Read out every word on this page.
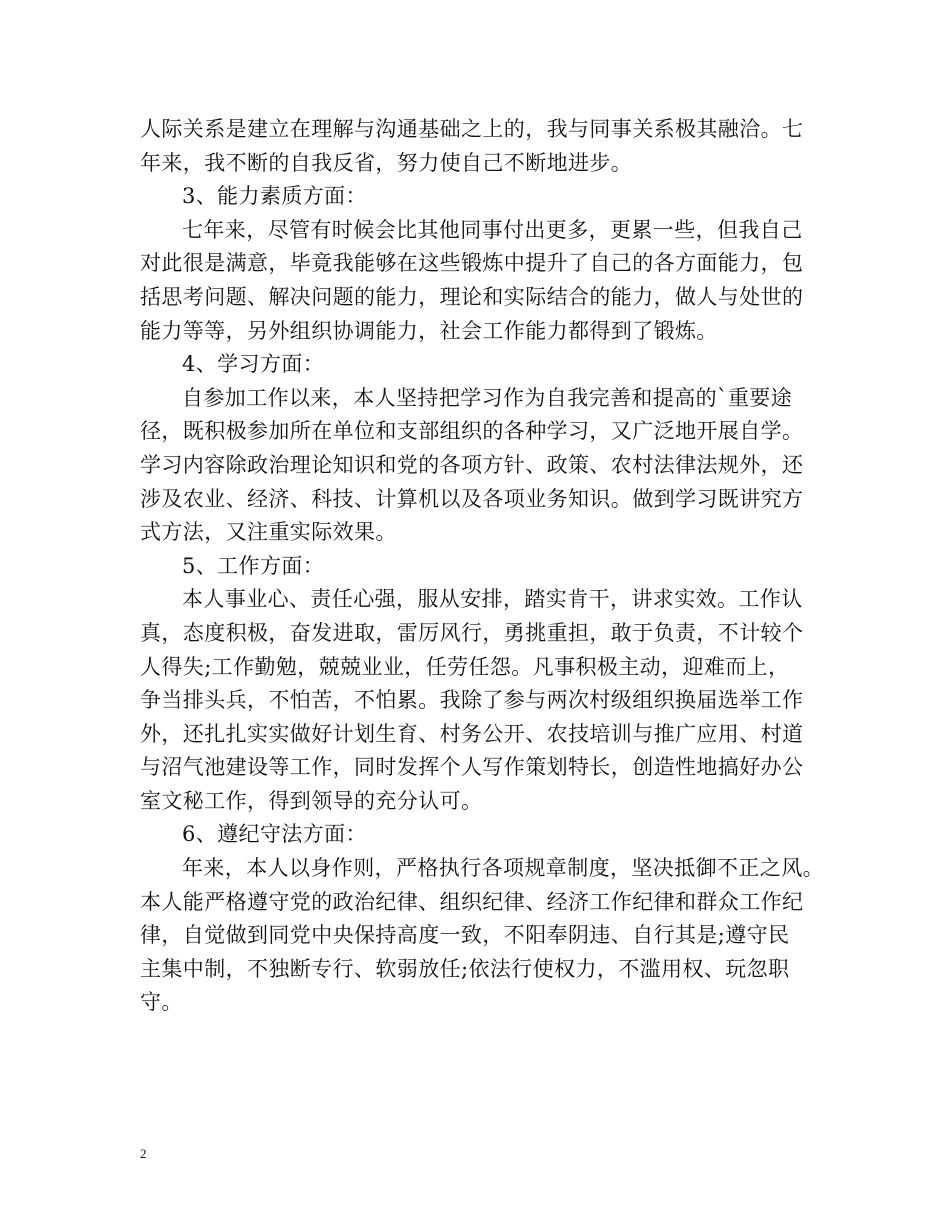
人际关系是建立在理解与沟通基础之上的，我与同事关系极其融洽。七
年来，我不断的自我反省，努力使自己不断地进步。
3、能力素质方面：
七年来，尽管有时候会比其他同事付出更多，更累一些，但我自己
对此很是满意，毕竟我能够在这些锻炼中提升了自己的各方面能力，包
括思考问题、解决问题的能力，理论和实际结合的能力，做人与处世的
能力等等，另外组织协调能力，社会工作能力都得到了锻炼。
4、学习方面：
自参加工作以来，本人坚持把学习作为自我完善和提高的`重要途
径，既积极参加所在单位和支部组织的各种学习，又广泛地开展自学。
学习内容除政治理论知识和党的各项方针、政策、农村法律法规外，还
涉及农业、经济、科技、计算机以及各项业务知识。做到学习既讲究方
式方法，又注重实际效果。
5、工作方面：
本人事业心、责任心强，服从安排，踏实肯干，讲求实效。工作认
真，态度积极，奋发进取，雷厉风行，勇挑重担，敢于负责，不计较个
人得失;工作勤勉，兢兢业业，任劳任怨。凡事积极主动，迎难而上，
争当排头兵，不怕苦，不怕累。我除了参与两次村级组织换届选举工作
外，还扎扎实实做好计划生育、村务公开、农技培训与推广应用、村道
与沼气池建设等工作，同时发挥个人写作策划特长，创造性地搞好办公
室文秘工作，得到领导的充分认可。
6、遵纪守法方面：
年来，本人以身作则，严格执行各项规章制度，坚决抵御不正之风。
本人能严格遵守党的政治纪律、组织纪律、经济工作纪律和群众工作纪
律，自觉做到同党中央保持高度一致，不阳奉阴违、自行其是;遵守民
主集中制，不独断专行、软弱放任;依法行使权力，不滥用权、玩忽职
守。
2
